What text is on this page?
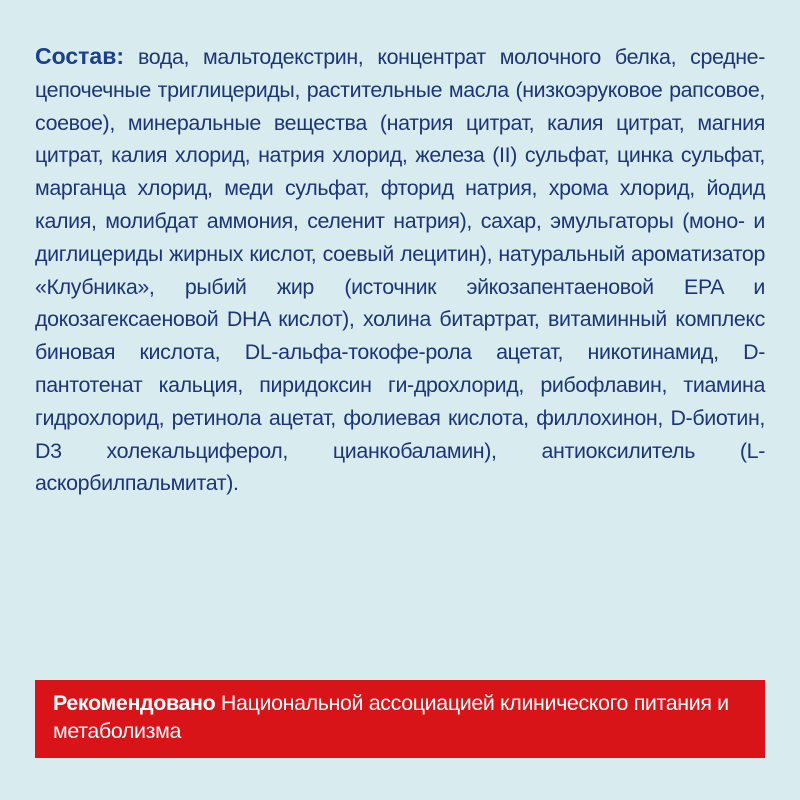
Состав: вода, мальтодекстрин, концентрат молочного белка, средне-цепочечные триглицериды, растительные масла (низкоэруковое рапсовое, соевое), минеральные вещества (натрия цитрат, калия цитрат, магния цитрат, калия хлорид, натрия хлорид, железа (II) сульфат, цинка сульфат, марганца хлорид, меди сульфат, фторид натрия, хрома хлорид, йодид калия, молибдат аммония, селенит натрия), сахар, эмульгаторы (моно- и диглицериды жирных кислот, соевый лецитин), натуральный ароматизатор «Клубника», рыбий жир (источник эйкозапентаеновой EPA и докозагексаеновой DHA кислот), холина битартрат, витаминный комплекс биновая кислота, DL-альфа-токофе-рола ацетат, никотинамид, D-пантотенат кальция, пиридоксин ги-дрохлорид, рибофлавин, тиамина гидрохлорид, ретинола ацетат, фолиевая кислота, филлохинон, D-биотин, D3 холекальциферол, цианкобаламин), антиоксилитель (L-аскорбилпальмитат).
Рекомендовано Национальной ассоциацией клинического питания и метаболизма
